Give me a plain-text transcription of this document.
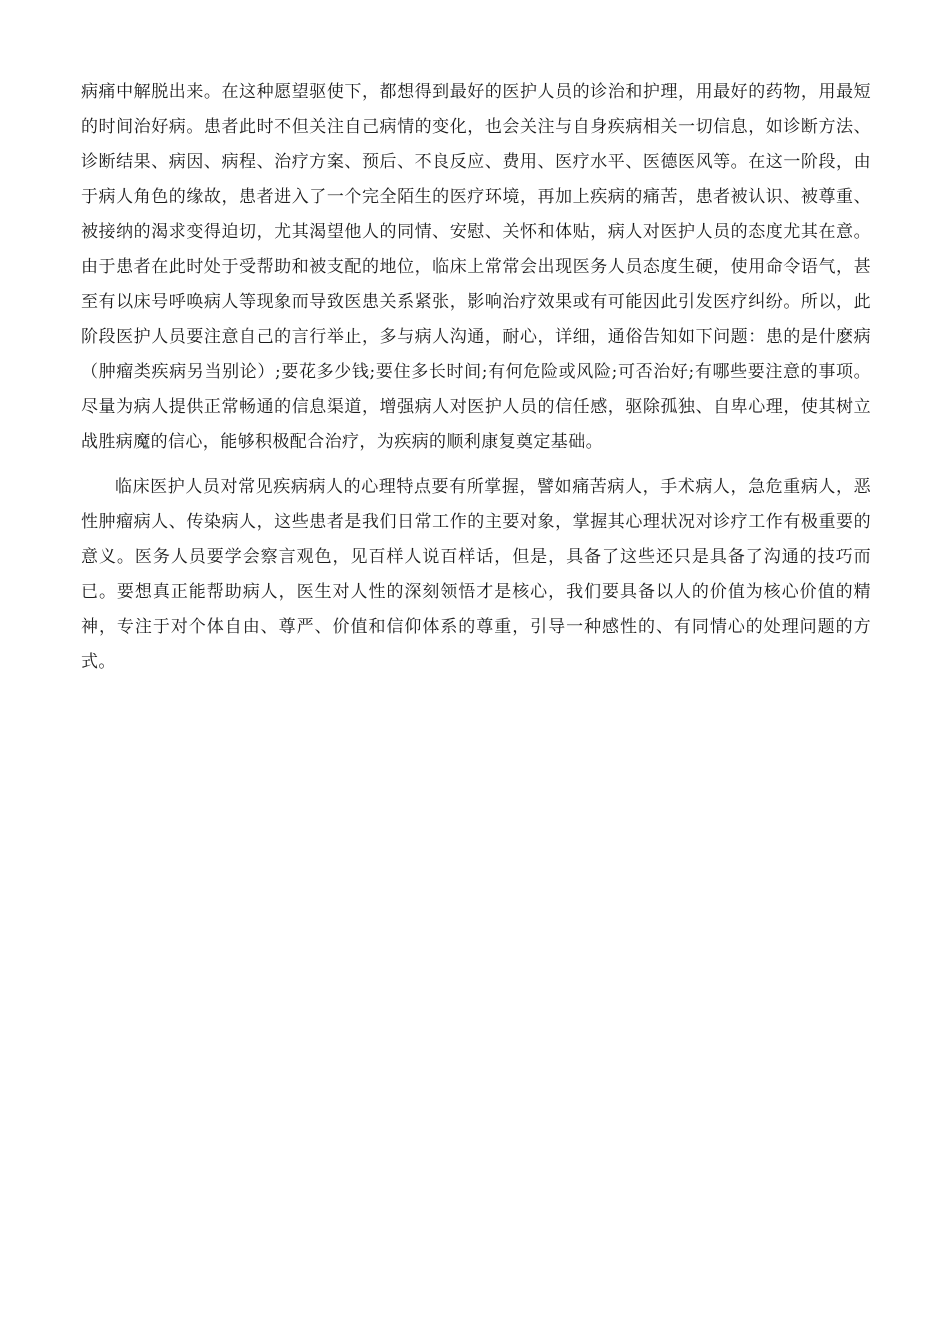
病痛中解脱出来。在这种愿望驱使下，都想得到最好的医护人员的诊治和护理，用最好的药物，用最短的时间治好病。患者此时不但关注自己病情的变化，也会关注与自身疾病相关一切信息，如诊断方法、诊断结果、病因、病程、治疗方案、预后、不良反应、费用、医疗水平、医德医风等。在这一阶段，由于病人角色的缘故，患者进入了一个完全陌生的医疗环境，再加上疾病的痛苦，患者被认识、被尊重、被接纳的渴求变得迫切，尤其渴望他人的同情、安慰、关怀和体贴，病人对医护人员的态度尤其在意。由于患者在此时处于受帮助和被支配的地位，临床上常常会出现医务人员态度生硬，使用命令语气，甚至有以床号呼唤病人等现象而导致医患关系紧张，影响治疗效果或有可能因此引发医疗纠纷。所以，此阶段医护人员要注意自己的言行举止，多与病人沟通，耐心，详细，通俗告知如下问题：患的是什麽病（肿瘤类疾病另当别论）;要花多少钱;要住多长时间;有何危险或风险;可否治好;有哪些要注意的事项。尽量为病人提供正常畅通的信息渠道，增强病人对医护人员的信任感，驱除孤独、自卑心理，使其树立战胜病魔的信心，能够积极配合治疗，为疾病的顺利康复奠定基础。

临床医护人员对常见疾病病人的心理特点要有所掌握，譬如痛苦病人，手术病人，急危重病人，恶性肿瘤病人、传染病人，这些患者是我们日常工作的主要对象，掌握其心理状况对诊疗工作有极重要的意义。医务人员要学会察言观色，见百样人说百样话，但是，具备了这些还只是具备了沟通的技巧而已。要想真正能帮助病人，医生对人性的深刻领悟才是核心，我们要具备以人的价值为核心价值的精神，专注于对个体自由、尊严、价值和信仰体系的尊重，引导一种感性的、有同情心的处理问题的方式。
